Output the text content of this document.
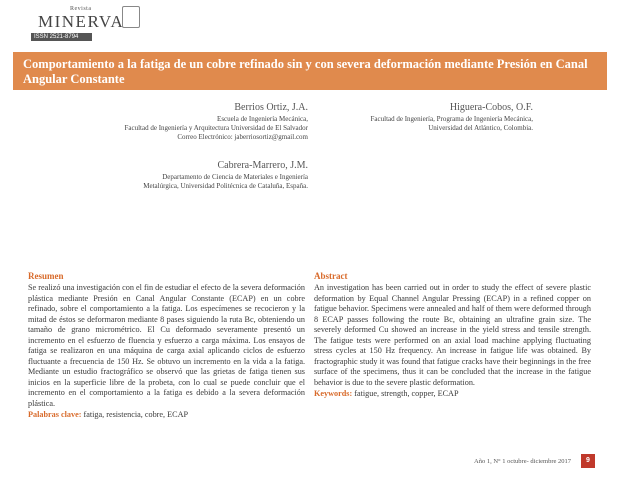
Revista
MINERVA
ISSN 2521-8794
Comportamiento a la fatiga de un cobre refinado sin y con severa deformación mediante Presión en Canal Angular Constante
Berrios Ortiz, J.A.
Escuela de Ingeniería Mecánica,
Facultad de Ingeniería y Arquitectura Universidad de El Salvador
Correo Electrónico: jaberriosortiz@gmail.com
Higuera-Cobos, O.F.
Facultad de Ingeniería, Programa de Ingeniería Mecánica,
Universidad del Atlántico, Colombia.
Cabrera-Marrero, J.M.
Departamento de Ciencia de Materiales e Ingeniería
Metalúrgica, Universidad Politécnica de Cataluña, España.
Resumen
Se realizó una investigación con el fin de estudiar el efecto de la severa deformación plástica mediante Presión en Canal Angular Constante (ECAP) en un cobre refinado, sobre el comportamiento a la fatiga. Los especímenes se recocieron y la mitad de éstos se deformaron mediante 8 pases siguiendo la ruta Bc, obteniendo un tamaño de grano micrométrico. El Cu deformado severamente presentó un incremento en el esfuerzo de fluencia y esfuerzo a carga máxima. Los ensayos de fatiga se realizaron en una máquina de carga axial aplicando ciclos de esfuerzo fluctuante a frecuencia de 150 Hz. Se obtuvo un incremento en la vida a la fatiga. Mediante un estudio fractográfico se observó que las grietas de fatiga tienen sus inicios en la superficie libre de la probeta, con lo cual se puede concluir que el incremento en el comportamiento a la fatiga es debido a la severa deformación plástica.
Palabras clave: fatiga, resistencia, cobre, ECAP
Abstract
An investigation has been carried out in order to study the effect of severe plastic deformation by Equal Channel Angular Pressing (ECAP) in a refined copper on fatigue behavior. Specimens were annealed and half of them were deformed through 8 ECAP passes following the route Bc, obtaining an ultrafine grain size. The severely deformed Cu showed an increase in the yield stress and tensile strength. The fatigue tests were performed on an axial load machine applying fluctuating stress cycles at 150 Hz frequency. An increase in fatigue life was obtained. By fractographic study it was found that fatigue cracks have their beginnings in the free surface of the specimens, thus it can be concluded that the increase in the fatigue behavior is due to the severe plastic deformation.
Keywords: fatigue, strength, copper, ECAP
Año 1, N° 1 octubre- diciembre 2017	9
